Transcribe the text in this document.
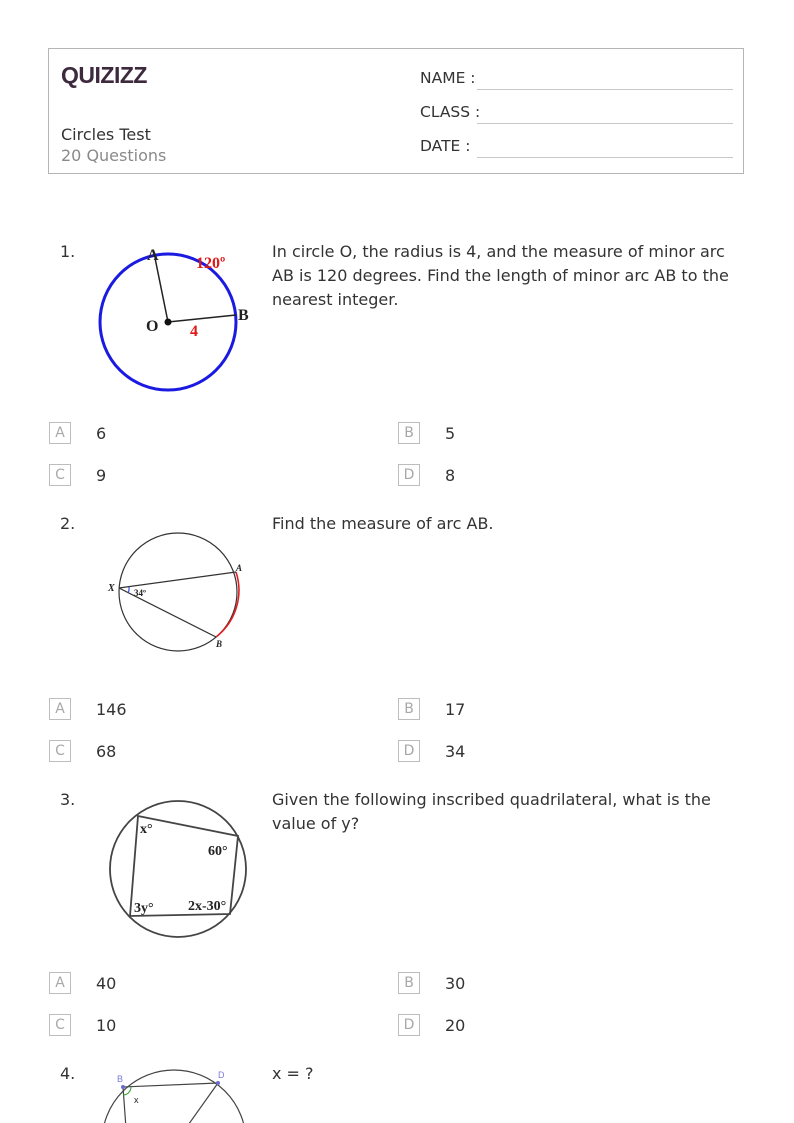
QUIZIZZ
Circles Test
20 Questions
NAME :
CLASS :
DATE :
1.	A 120º
B
O 4
In circle O, the radius is 4, and the measure of minor arc AB is 120 degrees. Find the length of minor arc AB to the nearest integer.
A	6	B	5
C	9	D	8
2.
X 34º
A
B
Find the measure of arc AB.
A	146	B	17
C	68	D	34
3.
x°
60°
3y° 2x-30°
Given the following inscribed quadrilateral, what is the value of y?
A	40	B	30
C	10	D	20
4.	B	D
x
x = ?
